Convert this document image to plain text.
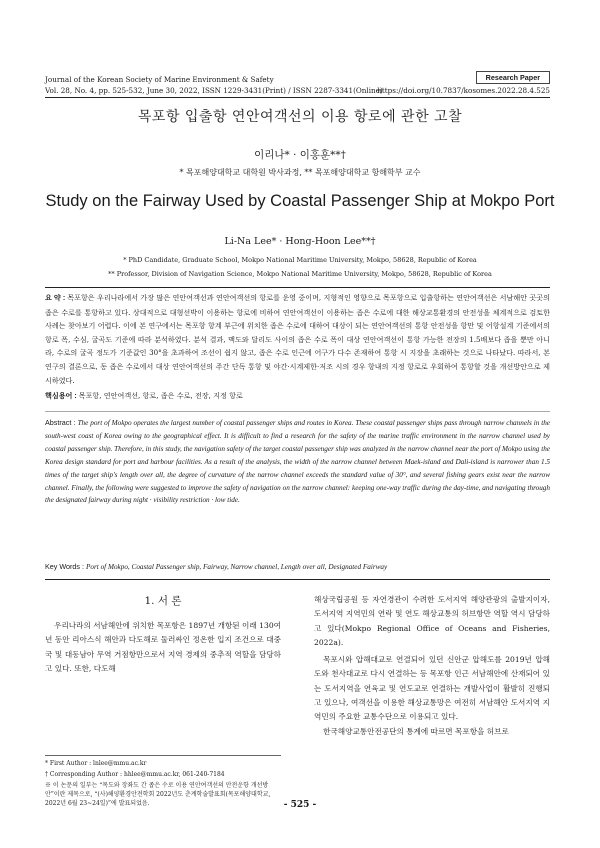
Research Paper
Journal of the Korean Society of Marine Environment & Safety
Vol. 28, No. 4, pp. 525-532, June 30, 2022, ISSN 1229-3431(Print) / ISSN 2287-3341(Online)
https://doi.org/10.7837/kosomes.2022.28.4.525
목포항 입출항 연안여객선의 이용 항로에 관한 고찰
이리나* · 이홍훈**†
* 목포해양대학교 대학원 박사과정, ** 목포해양대학교 항해학부 교수
Study on the Fairway Used by Coastal Passenger Ship at Mokpo Port
Li-Na Lee* · Hong-Hoon Lee**†
* PhD Candidate, Graduate School, Mokpo National Maritime University, Mokpo, 58628, Republic of Korea
** Professor, Division of Navigation Science, Mokpo National Maritime University, Mokpo, 58628, Republic of Korea
요 약 : 목포항은 우리나라에서 가장 많은 연안여객선과 연안여객선의 항로를 운영 중이며, 지형적인 영향으로 목포항으로 입출항하는 연안여객선은 서남해안 곳곳의 좁은 수로를 통항하고 있다. 상대적으로 대형선박이 이용하는 항로에 비하여 연안여객선이 이용하는 좁은 수로에 대한 해상교통환경의 안전성을 체계적으로 검토한 사례는 찾아보기 어렵다. 이에 본 연구에서는 목포항 항계 부근에 위치한 좁은 수로에 대하여 대상이 되는 연안여객선의 통항 안전성을 항만 및 어항설계 기준에서의 항로 폭, 수심, 굴곡도 기준에 따라 분석하였다. 분석 결과, 맥도와 달리도 사이의 좁은 수로 폭이 대상 연안여객선이 통항 가능한 전장의 1.5배보다 좁을 뿐만 아니라, 수로의 굴곡 정도가 기준값인 30°을 초과하여 조선이 쉽지 않고, 좁은 수로 인근에 어구가 다수 존재하여 통항 시 지장을 초래하는 것으로 나타났다. 따라서, 본 연구의 결론으로, 동 좁은 수로에서 대상 연안여객선의 주간 단독 통항 및 야간·시계제한·저조 시의 경우 항내의 지정 항로로 우회하여 통항할 것을 개선방안으로 제시하였다.
핵심용어 : 목포항, 연안여객선, 항로, 좁은 수로, 전장, 지정 항로
Abstract : The port of Mokpo operates the largest number of coastal passenger ships and routes in Korea. These coastal passenger ships pass through narrow channels in the south-west coast of Korea owing to the geographical effect. It is difficult to find a research for the safety of the marine traffic environment in the narrow channel used by coastal passenger ship. Therefore, in this study, the navigation safety of the target coastal passenger ship was analyzed in the narrow channel near the port of Mokpo using the Korea design standard for port and harbour facilities. As a result of the analysis, the width of the narrow channel between Maek-island and Dali-island is narrower than 1.5 times of the target ship's length over all, the degree of curvature of the narrow channel exceeds the standard value of 30°, and several fishing gears exist near the narrow channel. Finally, the following were suggested to improve the safety of navigation on the narrow channel: keeping one-way traffic during the day-time, and navigating through the designated fairway during night · visibility restriction · low tide.
Key Words : Port of Mokpo, Coastal Passenger ship, Fairway, Narrow channel, Length over all, Designated Fairway
1. 서 론

우리나라의 서남해안에 위치한 목포항은 1897년 개항된 이래 130여년 동안 리아스식 해안과 다도해로 둘러싸인 정온한 입지 조건으로 대중국 및 대동남아 무역 거점항만으로서 지역 경제의 중추적 역할을 담당하고 있다. 또한, 다도해

* First Author : lnlee@mmu.ac.kr
† Corresponding Author : hhlee@mmu.ac.kr, 061-240-7184
※ 이 논문의 일부는 “목도와 장좌도 간 좁은 수로 이용 연안여객선의 안전운항 개선방안”이란 제목으로, “(사)해양환경안전학회 2022년도 춘계학술발표회(목포해양대학교, 2022년 6월 23~24일)”에 발표되었음.

해상국립공원 등 자연경관이 수려한 도서지역 해양관광의 출발지이자, 도서지역 지역민의 연락 및 연도 해상교통의 허브항만 역할 역시 담당하고 있다(Mokpo Regional Office of Oceans and Fisheries, 2022a).

목포시와 압해대교로 연결되어 있던 신안군 압해도를 2019년 압해도와 천사대교로 다시 연결하는 등 목포항 인근 서남해안에 산재되어 있는 도서지역을 연육교 및 연도교로 연결하는 개발사업이 활발히 진행되고 있으나, 여객선을 이용한 해상교통망은 여전히 서남해안 도서지역 지역민의 주요한 교통수단으로 이용되고 있다.

한국해양교통안전공단의 통계에 따르면 목포항을 허브로

- 525 -
